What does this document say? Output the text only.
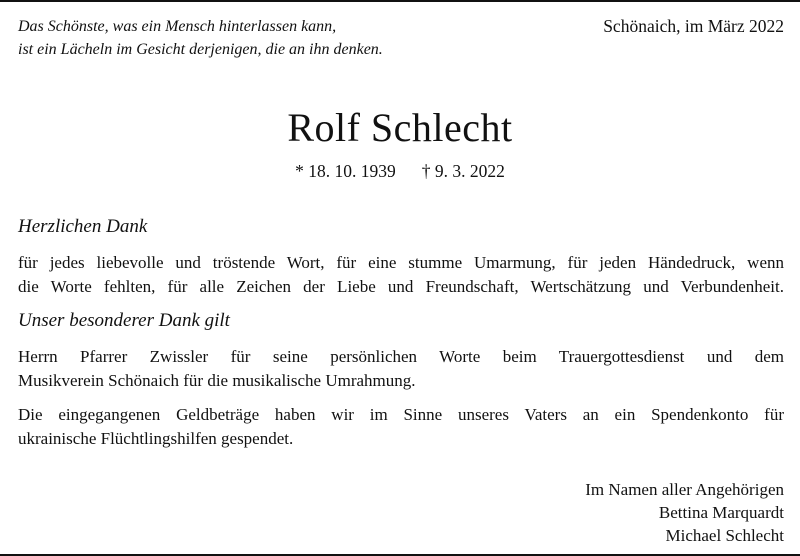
Das Schönste, was ein Mensch hinterlassen kann,
ist ein Lächeln im Gesicht derjenigen, die an ihn denken.
Schönaich, im März 2022
Rolf Schlecht
* 18. 10. 1939 † 9. 3. 2022
Herzlichen Dank
für jedes liebevolle und tröstende Wort, für eine stumme Umarmung, für jeden Händedruck, wenn
die Worte fehlten, für alle Zeichen der Liebe und Freundschaft, Wertschätzung und Verbundenheit.
Unser besonderer Dank gilt
Herrn Pfarrer Zwissler für seine persönlichen Worte beim Trauergottesdienst und dem
Musikverein Schönaich für die musikalische Umrahmung.
Die eingegangenen Geldbeträge haben wir im Sinne unseres Vaters an ein Spendenkonto für
ukrainische Flüchtlingshilfen gespendet.
Im Namen aller Angehörigen
Bettina Marquardt
Michael Schlecht
